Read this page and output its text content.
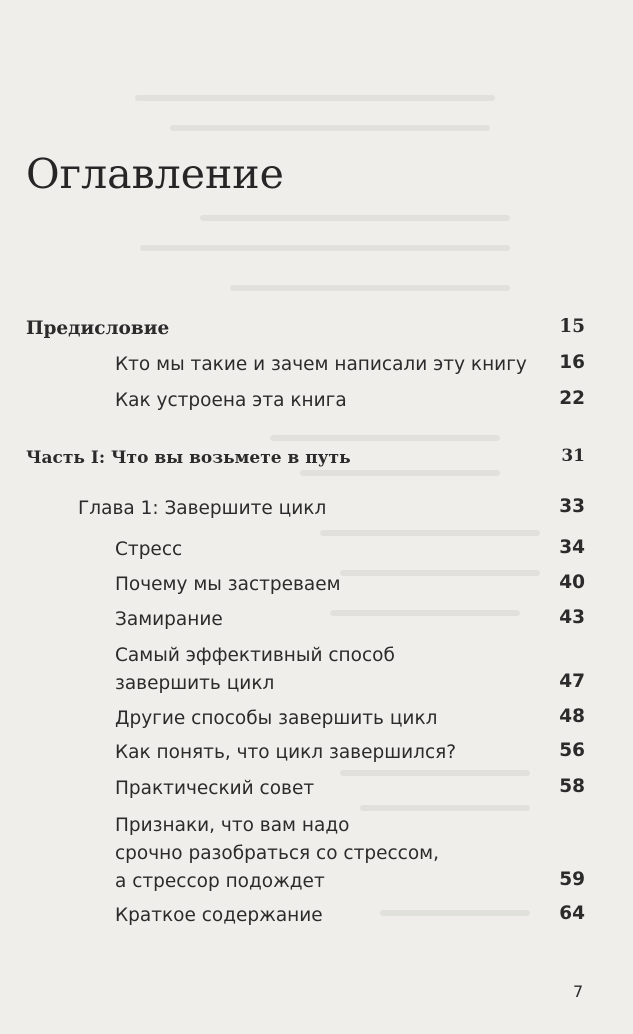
Оглавление
Предисловие	15
Кто мы такие и зачем написали эту книгу 16
Как устроена эта книга	22
Часть I: Что вы возьмете в путь	31
Глава 1: Завершите цикл	33
Стресс	34
Почему мы застреваем	40
Замирание	43
Самый эффективный способ
завершить цикл	47
Другие способы завершить цикл	48
Как понять, что цикл завершился?	56
Практический совет	58
Признаки, что вам надо
срочно разобраться со стрессом,
а стрессор подождет	59
Краткое содержание	64
7
